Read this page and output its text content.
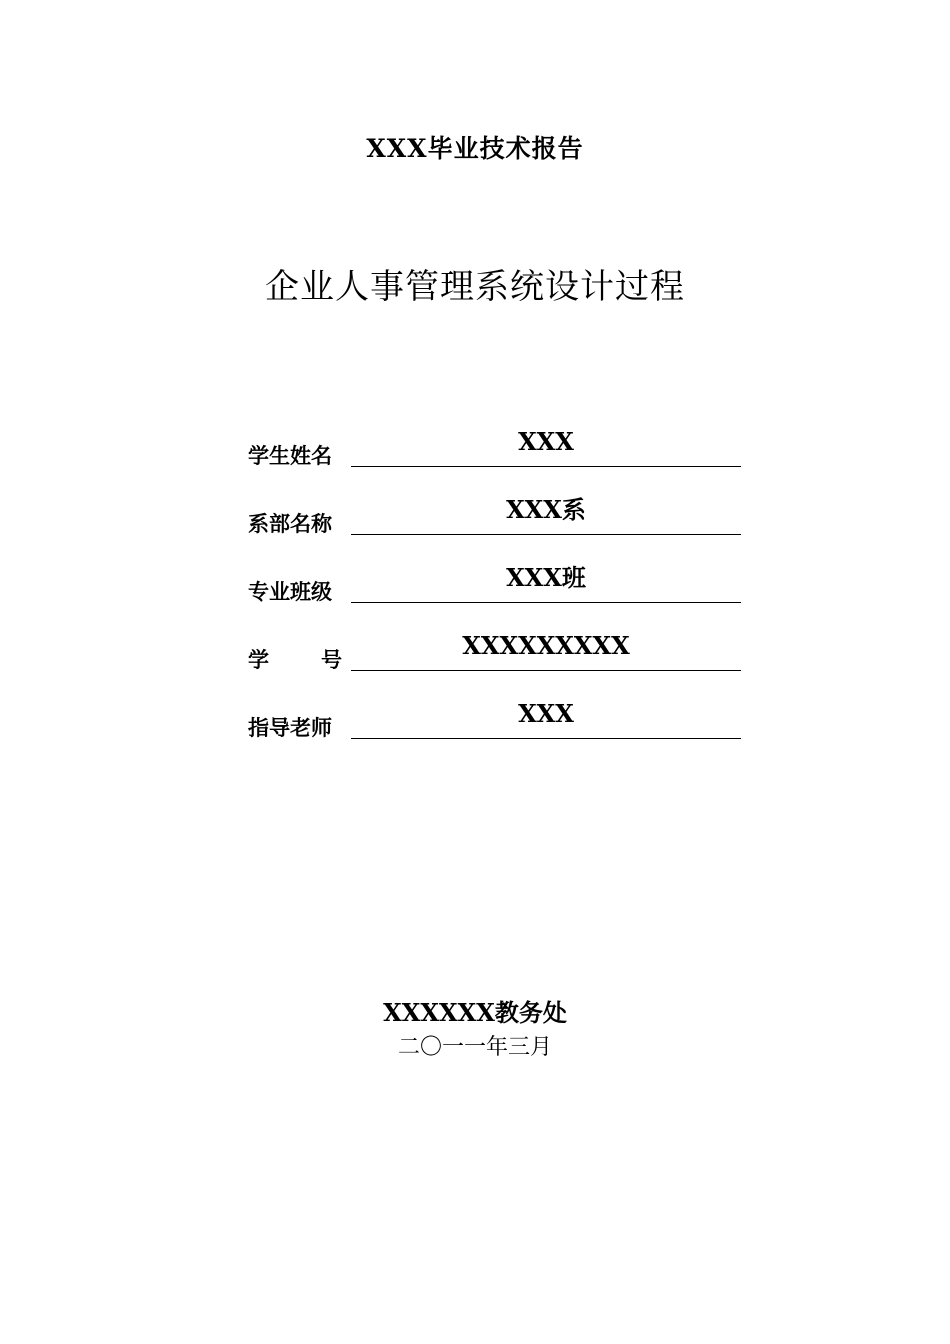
XXX毕业技术报告
企业人事管理系统设计过程
学生姓名	XXX
系部名称	XXX系
专业班级	XXX班
学 号	XXXXXXXXX
指导老师	XXX
XXXXXX教务处
二〇一一年三月
